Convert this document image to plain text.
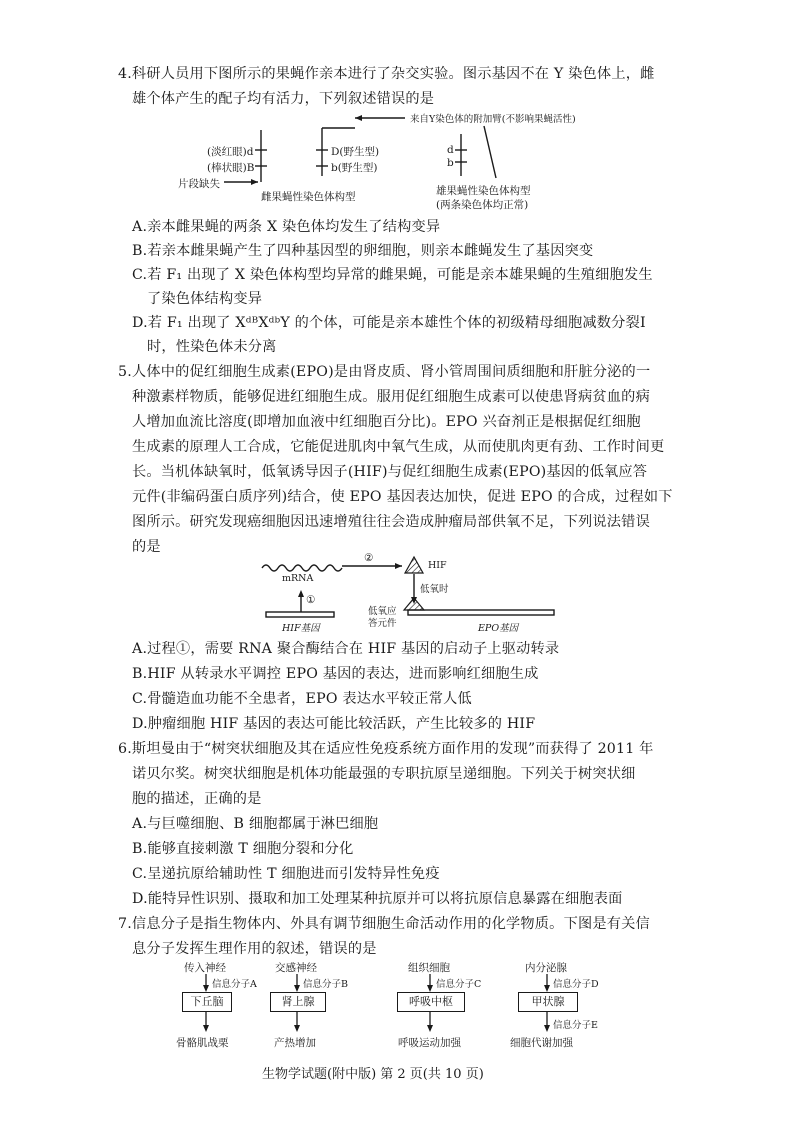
4.科研人员用下图所示的果蝇作亲本进行了杂交实验。图示基因不在 Y 染色体上，雌
雄个体产生的配子均有活力，下列叙述错误的是
来自Y染色体的附加臂(不影响果蝇活性)
(淡红眼)d
(棒状眼)B
D(野生型)
b(野生型)
片段缺失
雌果蝇性染色体构型
d
b
雄果蝇性染色体构型
(两条染色体均正常)
A.亲本雌果蝇的两条 X 染色体均发生了结构变异
B.若亲本雌果蝇产生了四种基因型的卵细胞，则亲本雌蝇发生了基因突变
C.若 F₁ 出现了 X 染色体构型均异常的雌果蝇，可能是亲本雄果蝇的生殖细胞发生
了染色体结构变异
D.若 F₁ 出现了 XᵈᴮXᵈᵇY 的个体，可能是亲本雄性个体的初级精母细胞减数分裂Ⅰ
时，性染色体未分离
5.人体中的促红细胞生成素(EPO)是由肾皮质、肾小管周围间质细胞和肝脏分泌的一
种激素样物质，能够促进红细胞生成。服用促红细胞生成素可以使患肾病贫血的病
人增加血流比溶度(即增加血液中红细胞百分比)。EPO 兴奋剂正是根据促红细胞
生成素的原理人工合成，它能促进肌肉中氧气生成，从而使肌肉更有劲、工作时间更
长。当机体缺氧时，低氧诱导因子(HIF)与促红细胞生成素(EPO)基因的低氧应答
元件(非编码蛋白质序列)结合，使 EPO 基因表达加快，促进 EPO 的合成，过程如下
图所示。研究发现癌细胞因迅速增殖往往会造成肿瘤局部供氧不足，下列说法错误
的是
mRNA
①
②
HIF
低氧时
HIF基因
低氧应
答元件	EPO基因
A.过程①，需要 RNA 聚合酶结合在 HIF 基因的启动子上驱动转录
B.HIF 从转录水平调控 EPO 基因的表达，进而影响红细胞生成
C.骨髓造血功能不全患者，EPO 表达水平较正常人低
D.肿瘤细胞 HIF 基因的表达可能比较活跃，产生比较多的 HIF
6.斯坦曼由于“树突状细胞及其在适应性免疫系统方面作用的发现”而获得了 2011 年
诺贝尔奖。树突状细胞是机体功能最强的专职抗原呈递细胞。下列关于树突状细
胞的描述，正确的是
A.与巨噬细胞、B 细胞都属于淋巴细胞
B.能够直接刺激 T 细胞分裂和分化
C.呈递抗原给辅助性 T 细胞进而引发特异性免疫
D.能特异性识别、摄取和加工处理某种抗原并可以将抗原信息暴露在细胞表面
7.信息分子是指生物体内、外具有调节细胞生命活动作用的化学物质。下图是有关信
息分子发挥生理作用的叙述，错误的是
传入神经
信息分子A
下丘脑
骨骼肌战栗
交感神经
信息分子B
肾上腺
产热增加
组织细胞
信息分子C
呼吸中枢
呼吸运动加强
内分泌腺
信息分子D
甲状腺
信息分子E
细胞代谢加强
生物学试题(附中版) 第 2 页(共 10 页)
